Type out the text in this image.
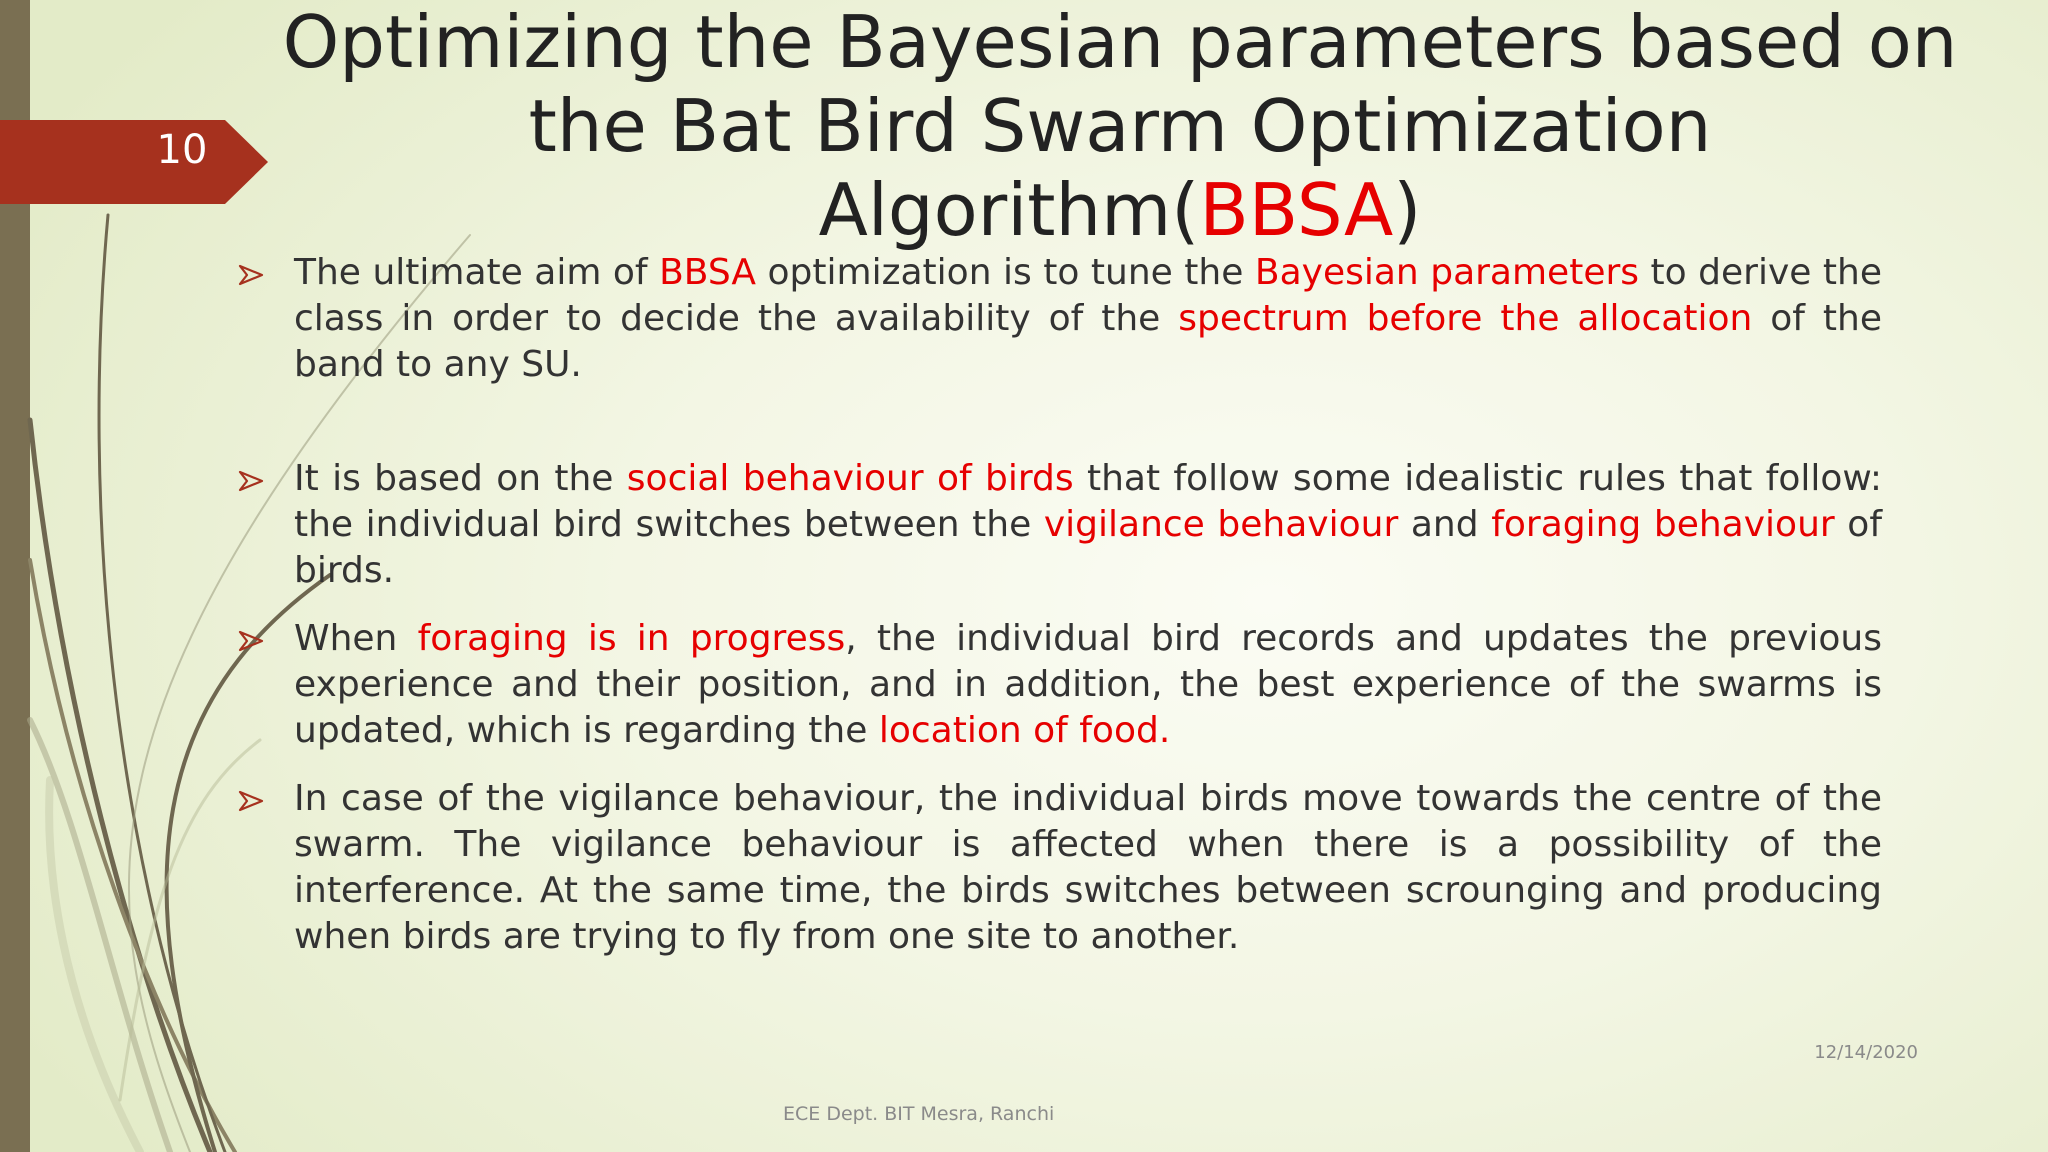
10
Optimizing the Bayesian parameters based on the Bat Bird Swarm Optimization Algorithm(BBSA)
The ultimate aim of BBSA optimization is to tune the Bayesian parameters to derive the class in order to decide the availability of the spectrum before the allocation of the band to any SU.
It is based on the social behaviour of birds that follow some idealistic rules that follow: the individual bird switches between the vigilance behaviour and foraging behaviour of birds.
When foraging is in progress, the individual bird records and updates the previous experience and their position, and in addition, the best experience of the swarms is updated, which is regarding the location of food.
In case of the vigilance behaviour, the individual birds move towards the centre of the swarm. The vigilance behaviour is affected when there is a possibility of the interference. At the same time, the birds switches between scrounging and producing when birds are trying to fly from one site to another.
12/14/2020
ECE Dept. BIT Mesra, Ranchi
